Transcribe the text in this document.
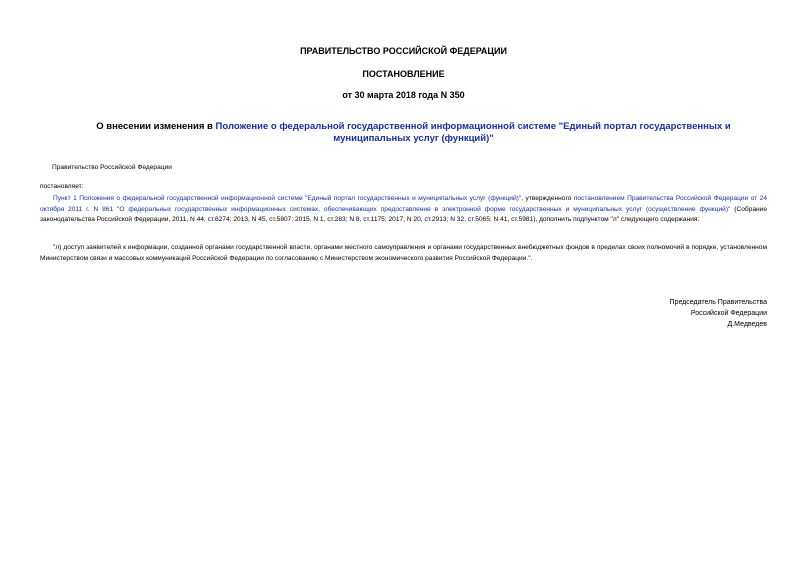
ПРАВИТЕЛЬСТВО РОССИЙСКОЙ ФЕДЕРАЦИИ
ПОСТАНОВЛЕНИЕ
от 30 марта 2018 года N 350
О внесении изменения в Положение о федеральной государственной информационной системе "Единый портал государственных и муниципальных услуг (функций)"
Правительство Российской Федерации
постановляет:
Пункт 1 Положения о федеральной государственной информационной системе "Единый портал государственных и муниципальных услуг (функций)", утвержденного постановлением Правительства Российской Федерации от 24 октября 2011 г. N 861 "О федеральных государственных информационных системах, обеспечивающих предоставление в электронной форме государственных и муниципальных услуг (осуществление функций)" (Собрание законодательства Российской Федерации, 2011, N 44, ст.6274; 2013, N 45, ст.5807; 2015, N 1, ст.283; N 8, ст.1175; 2017, N 20, ст.2913; N 32, ст.5065; N 41, ст.5981), дополнить подпунктом "л" следующего содержания:
"л) доступ заявителей к информации, созданной органами государственной власти, органами местного самоуправления и органами государственных внебюджетных фондов в пределах своих полномочий в порядке, установленном Министерством связи и массовых коммуникаций Российской Федерации по согласованию с Министерством экономического развития Российской Федерации.".
Председатель Правительства
Российской Федерации
Д.Медведев
